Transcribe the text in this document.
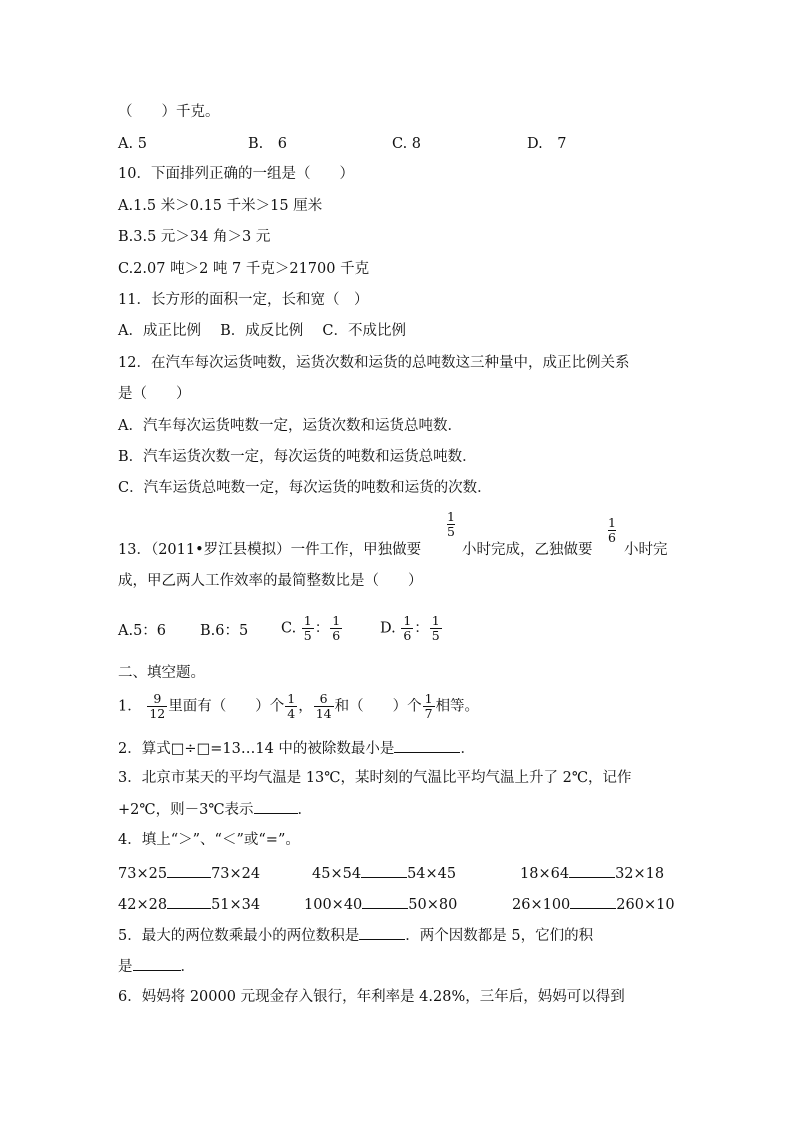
（　　）千克。
A. 5	B.　6	C. 8	D.　7
10．下面排列正确的一组是（　　）
A.1.5 米＞0.15 千米＞15 厘米
B.3.5 元＞34 角＞3 元
C.2.07 吨＞2 吨 7 千克＞21700 千克
11．长方形的面积一定，长和宽（　）
A．成正比例　 B．成反比例　 C．不成比例
12．在汽车每次运货吨数，运货次数和运货的总吨数这三种量中，成正比例关系
是（　　）
A．汽车每次运货吨数一定，运货次数和运货总吨数．
B．汽车运货次数一定，每次运货的吨数和运货总吨数．
C．汽车运货总吨数一定，每次运货的吨数和运货的次数．
13．（2011•罗江县模拟）一件工作，甲独做要
1
5
小时完成，乙独做要
1
6
小时完
成，甲乙两人工作效率的最简整数比是（　　）
A.5：6 B.6：5 C. $\frac{1}{5}$ ： $\frac{1}{6}$	D. $\frac{1}{6}$ ： $\frac{1}{5}$
二、填空题。
1． $\frac{9}{12}$ 里面有（　　）个 $\frac{1}{4}$ ， $\frac{6}{14}$ 和（　　）个 $\frac{1}{7}$ 相等。
2．算式□÷□=13…14 中的被除数最小是	．
3．北京市某天的平均气温是 13℃，某时刻的气温比平均气温上升了 2℃，记作
+2℃，则－3℃表示	．
4．填上“＞”、“＜”或“=”。
73×25	73×24	45×54	54×45	18×64	32×18
42×28	51×34	100×40	50×80	26×100	260×10
5．最大的两位数乘最小的两位数积是	．两个因数都是 5，它们的积
是	．
6．妈妈将 20000 元现金存入银行，年利率是 4.28%，三年后，妈妈可以得到
